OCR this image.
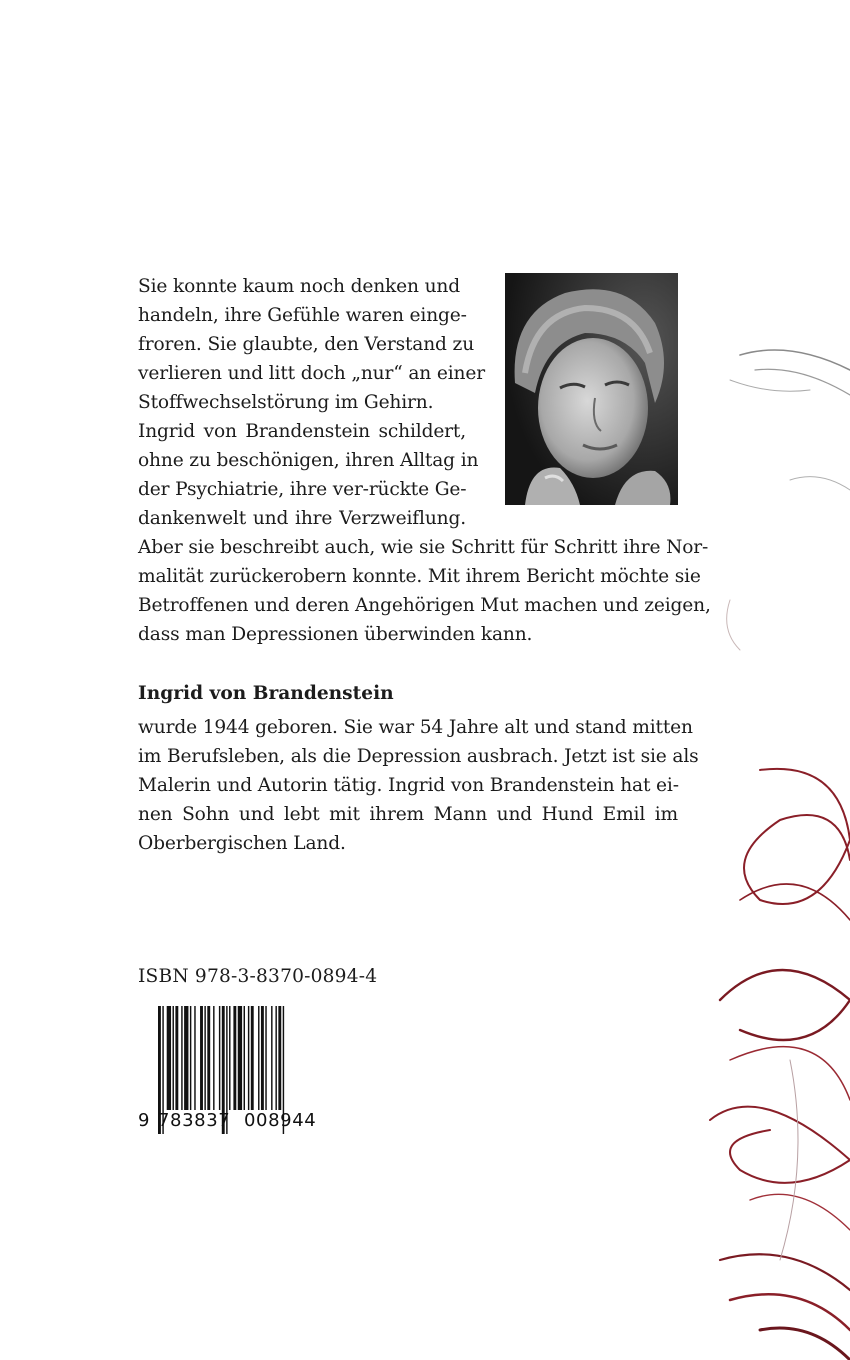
Sie konnte kaum noch denken und

handeln, ihre Gefühle waren einge-

froren. Sie glaubte, den Verstand zu

verlieren und litt doch „nur“ an einer

Stoffwechselstörung im Gehirn.

Ingrid von Brandenstein schildert,

ohne zu beschönigen, ihren Alltag in

der Psychiatrie, ihre ver-rückte Ge-

dankenwelt und ihre Verzweiflung.

Aber sie beschreibt auch, wie sie Schritt für Schritt ihre Nor-

malität zurückerobern konnte. Mit ihrem Bericht möchte sie

Betroffenen und deren Angehörigen Mut machen und zeigen,

dass man Depressionen überwinden kann.

Ingrid von Brandenstein

wurde 1944 geboren. Sie war 54 Jahre alt und stand mitten

im Berufsleben, als die Depression ausbrach. Jetzt ist sie als

Malerin und Autorin tätig. Ingrid von Brandenstein hat ei-

nen Sohn und lebt mit ihrem Mann und Hund Emil im

Oberbergischen Land.

ISBN 978-3-8370-0894-4

9 783837 008944
